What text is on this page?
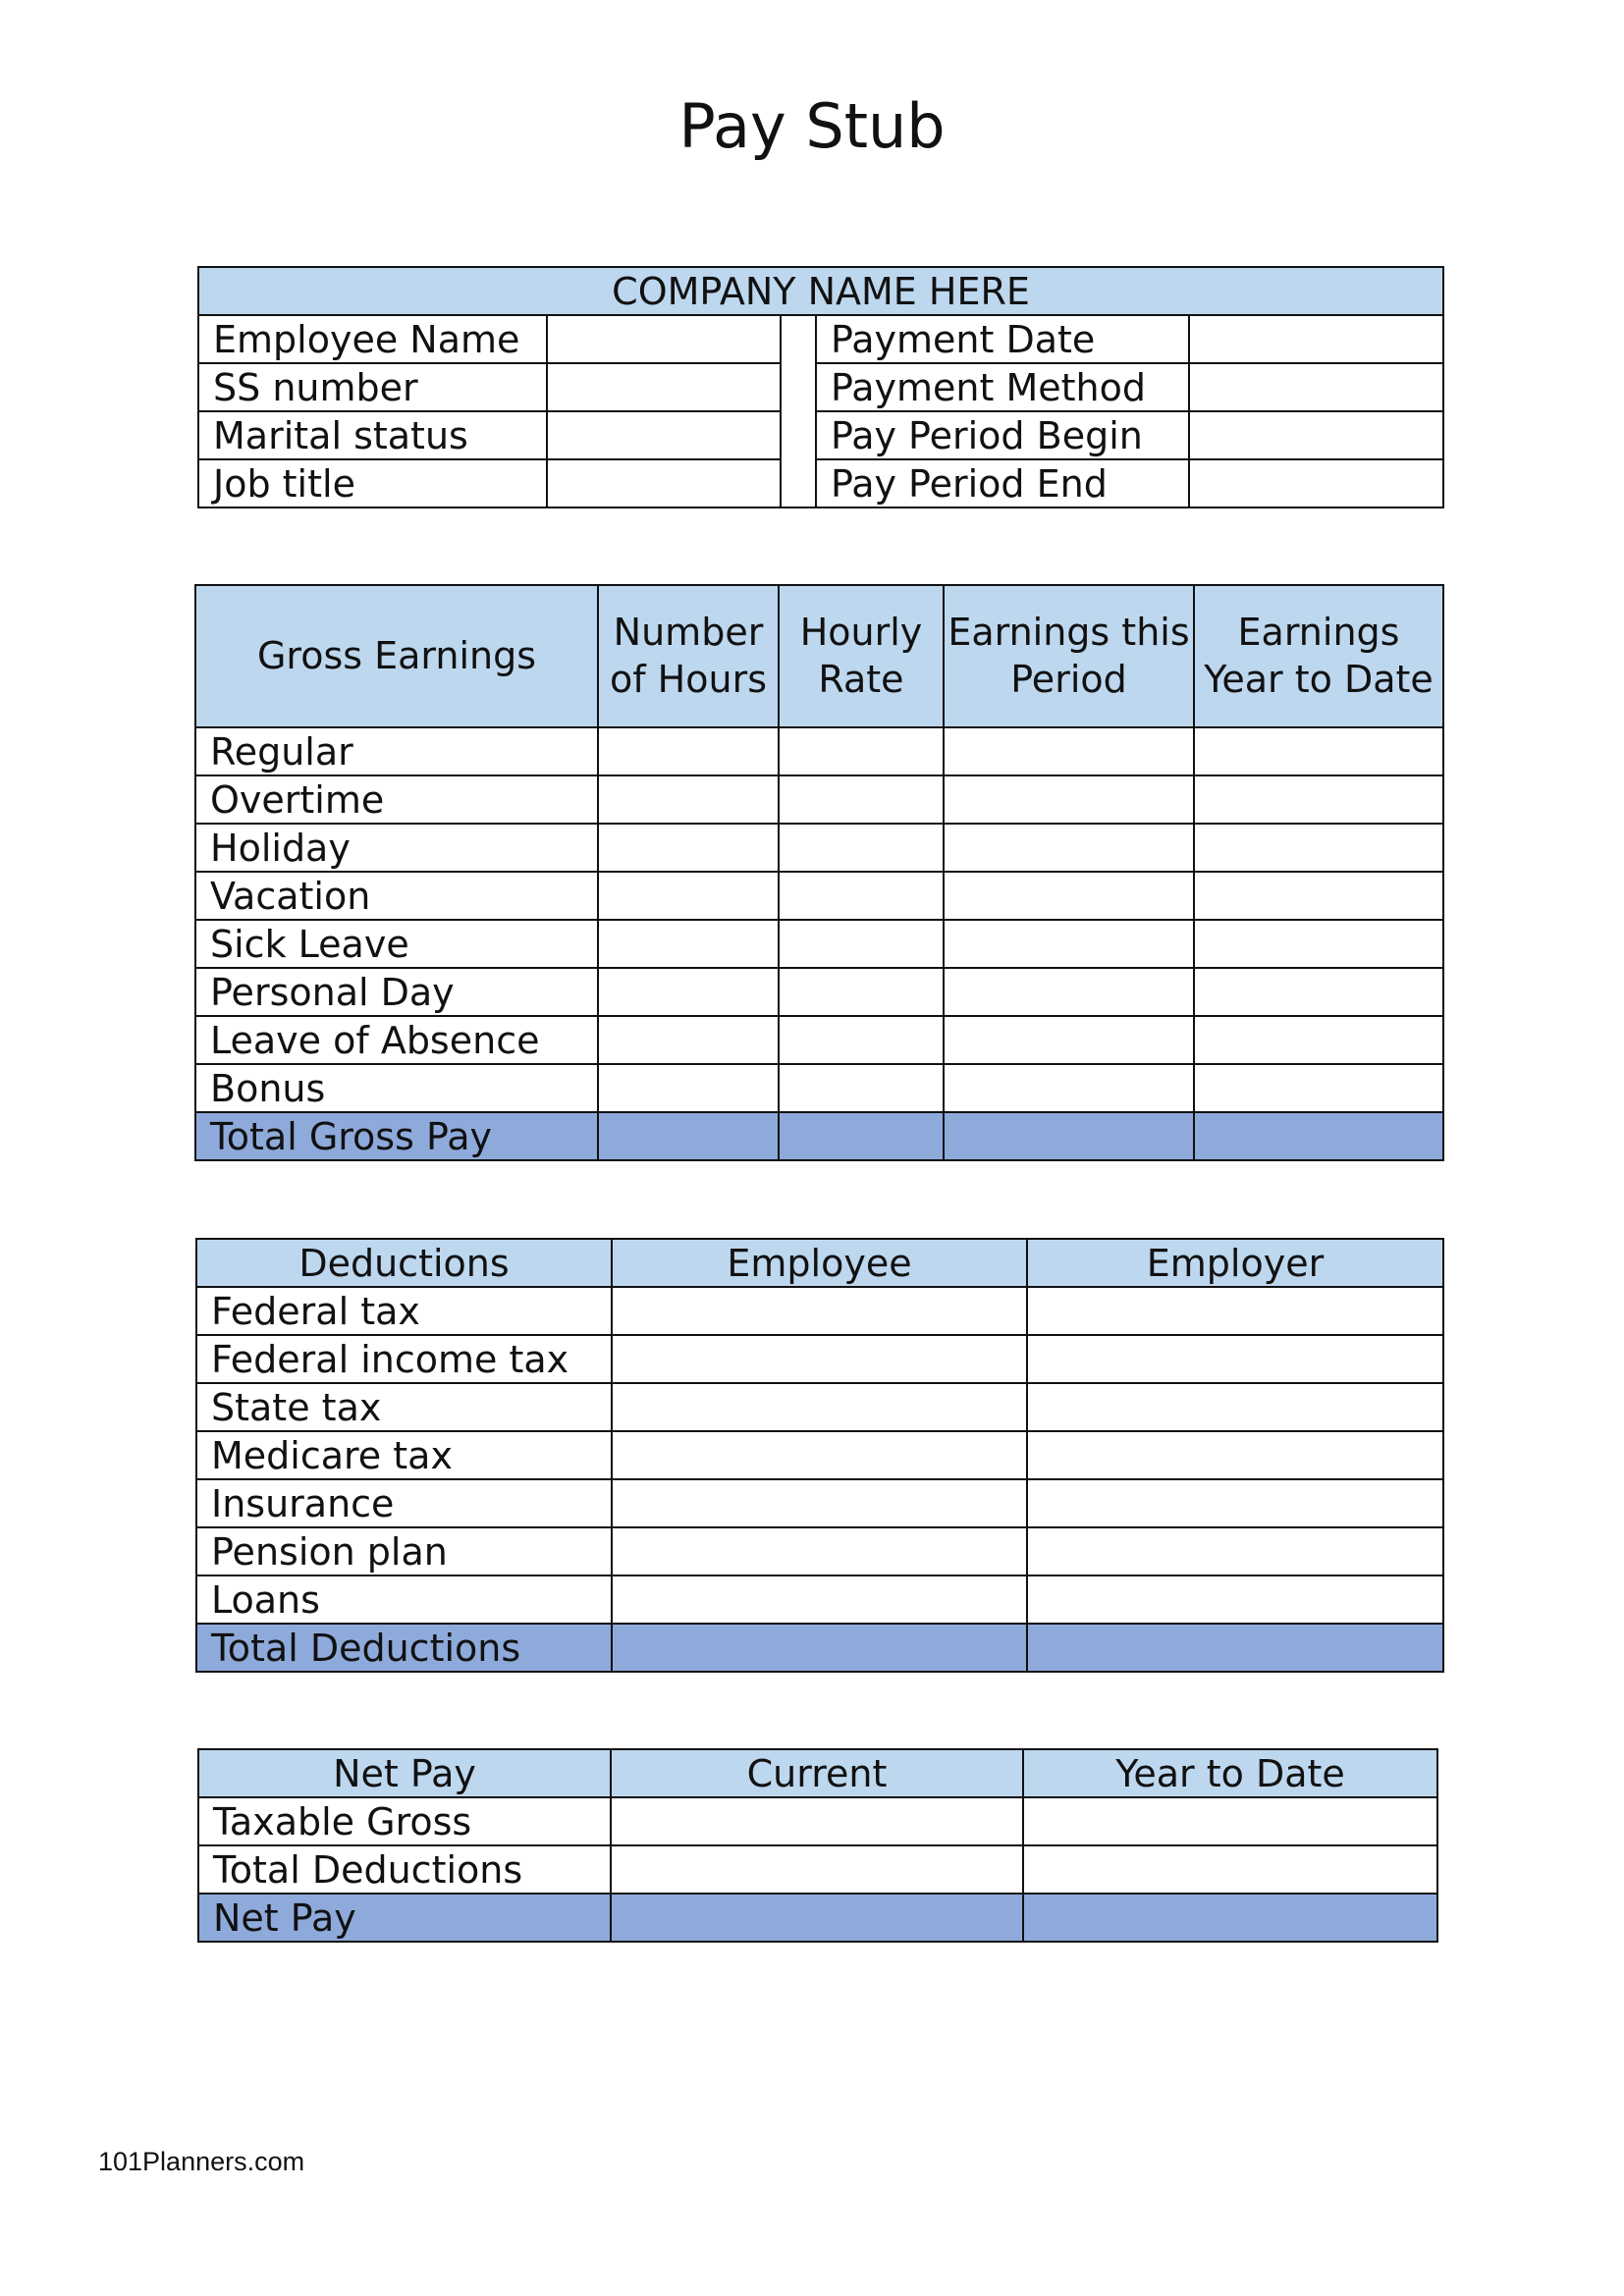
Pay Stub
COMPANY NAME HERE				
Employee Name			Payment Date	
SS number			Payment Method	
Marital status			Pay Period Begin	
Job title			Pay Period End	
Gross Earnings	Number of Hours	Hourly Rate	Earnings this Period	Earnings Year to Date
Regular				
Overtime				
Holiday				
Vacation				
Sick Leave				
Personal Day				
Leave of Absence				
Bonus				
Total Gross Pay				
Deductions	Employee	Employer
Federal tax		
Federal income tax		
State tax		
Medicare tax		
Insurance		
Pension plan		
Loans		
Total Deductions		
Net Pay	Current	Year to Date
Taxable Gross		
Total Deductions		
Net Pay		

101Planners.com
